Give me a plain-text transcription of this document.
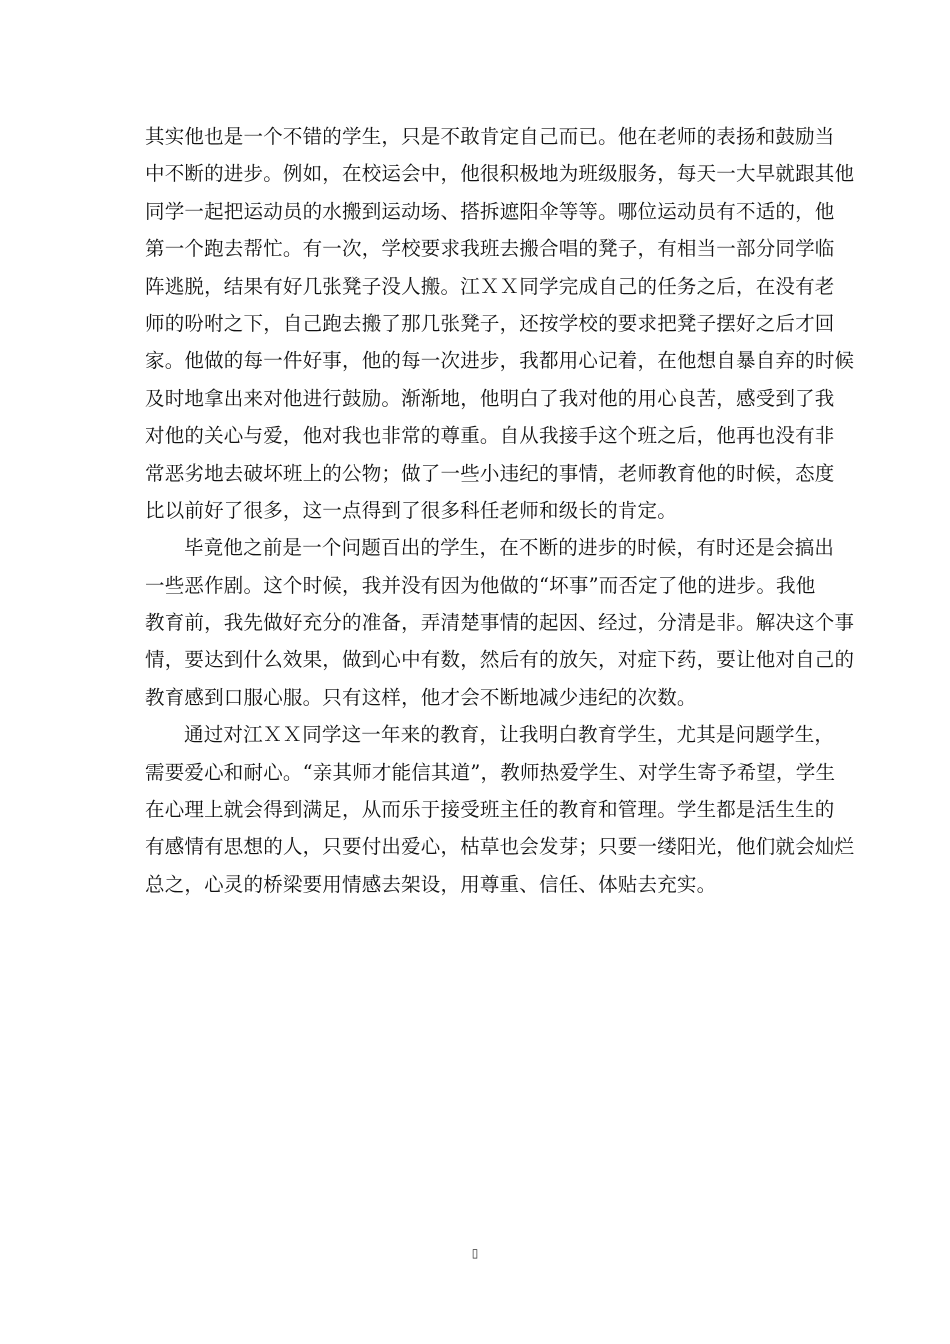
其实他也是一个不错的学生，只是不敢肯定自己而已。他在老师的表扬和鼓励当
中不断的进步。例如，在校运会中，他很积极地为班级服务，每天一大早就跟其他
同学一起把运动员的水搬到运动场、搭拆遮阳伞等等。哪位运动员有不适的，他
第一个跑去帮忙。有一次，学校要求我班去搬合唱的凳子，有相当一部分同学临
阵逃脱，结果有好几张凳子没人搬。江ＸＸ同学完成自己的任务之后，在没有老
师的吩咐之下，自己跑去搬了那几张凳子，还按学校的要求把凳子摆好之后才回
家。他做的每一件好事，他的每一次进步，我都用心记着，在他想自暴自弃的时候
及时地拿出来对他进行鼓励。渐渐地，他明白了我对他的用心良苦，感受到了我
对他的关心与爱，他对我也非常的尊重。自从我接手这个班之后，他再也没有非
常恶劣地去破坏班上的公物；做了一些小违纪的事情，老师教育他的时候，态度
比以前好了很多，这一点得到了很多科任老师和级长的肯定。
毕竟他之前是一个问题百出的学生，在不断的进步的时候，有时还是会搞出
一些恶作剧。这个时候，我并没有因为他做的“坏事”而否定了他的进步。我他
教育前，我先做好充分的准备，弄清楚事情的起因、经过，分清是非。解决这个事
情，要达到什么效果，做到心中有数，然后有的放矢，对症下药，要让他对自己的
教育感到口服心服。只有这样，他才会不断地减少违纪的次数。
通过对江ＸＸ同学这一年来的教育，让我明白教育学生，尤其是问题学生，
需要爱心和耐心。“亲其师才能信其道”，教师热爱学生、对学生寄予希望，学生
在心理上就会得到满足，从而乐于接受班主任的教育和管理。学生都是活生生的
有感情有思想的人，只要付出爱心，枯草也会发芽；只要一缕阳光，他们就会灿烂
总之，心灵的桥梁要用情感去架设，用尊重、信任、体贴去充实。
▯
